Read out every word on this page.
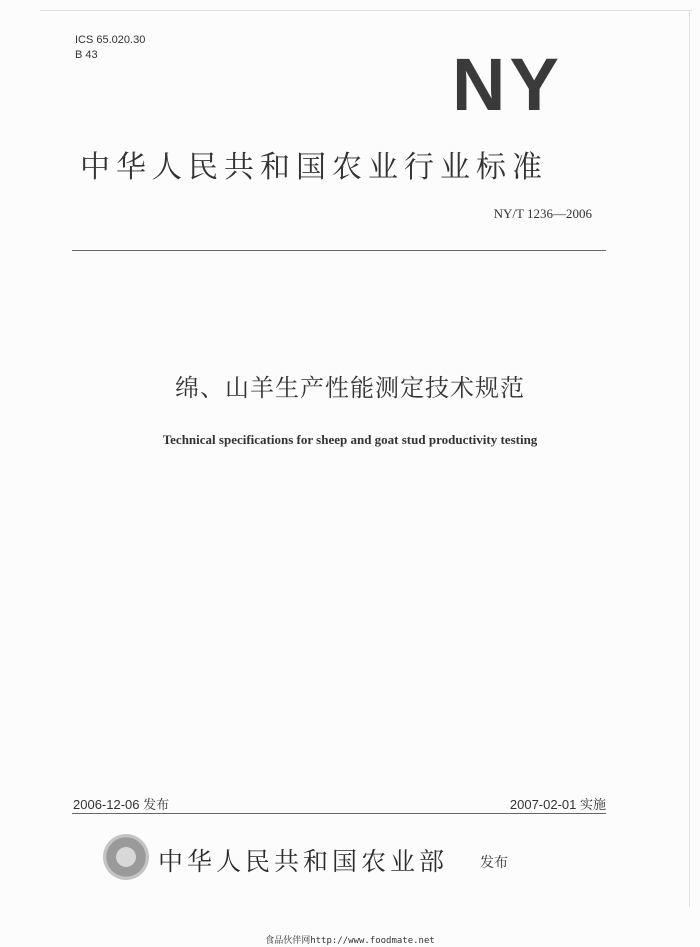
ICS 65.020.30
B 43	NY
中华人民共和国农业行业标准
NY/T 1236—2006
绵、山羊生产性能测定技术规范
Technical specifications for sheep and goat stud productivity testing
2006-12-06 发布	2007-02-01 实施
中华人民共和国农业部 发布
食品伙伴网http://www.foodmate.net
